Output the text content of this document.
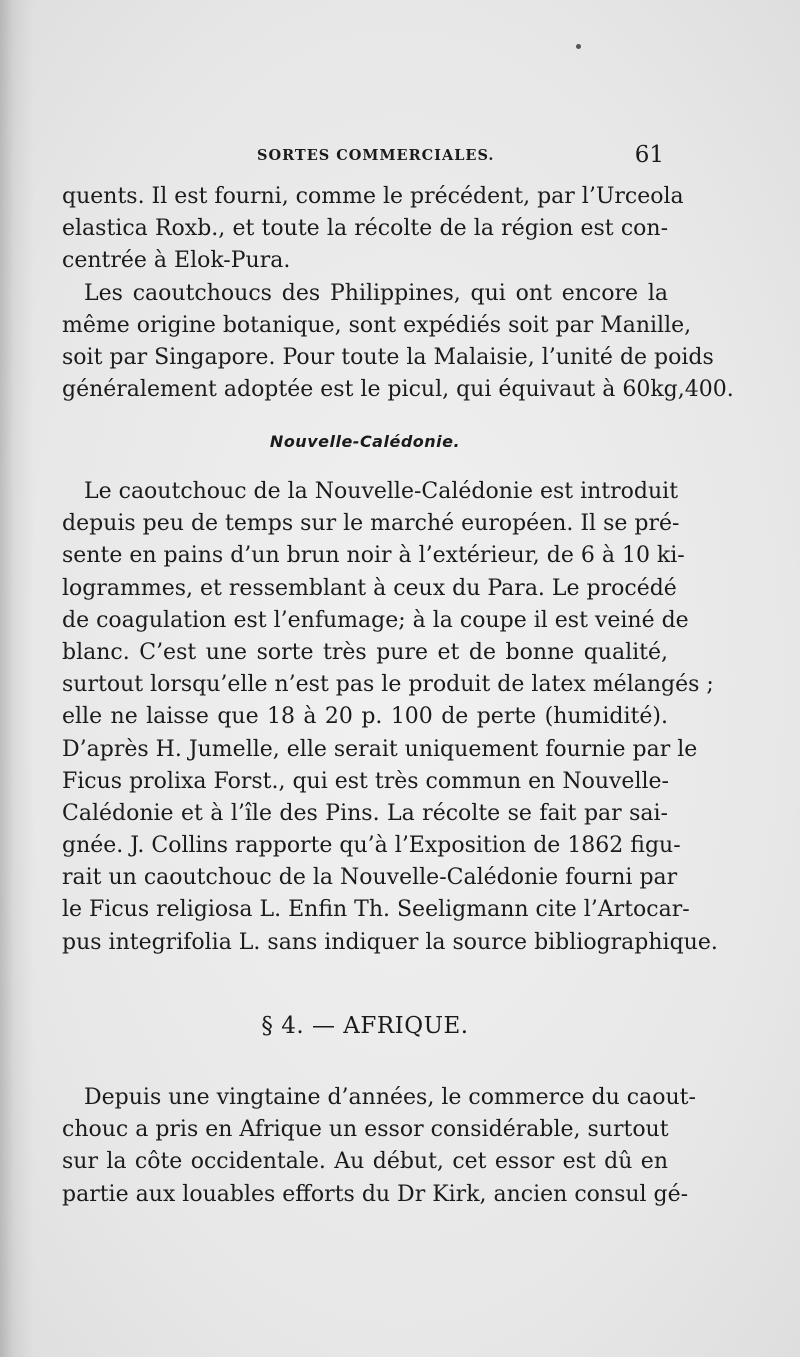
SORTES COMMERCIALES.	61
quents. Il est fourni, comme le précédent, par l’Urceola
elastica Roxb., et toute la récolte de la région est con-
centrée à Elok-Pura.
Les caoutchoucs des Philippines, qui ont encore la
même origine botanique, sont expédiés soit par Manille,
soit par Singapore. Pour toute la Malaisie, l’unité de poids
généralement adoptée est le picul, qui équivaut à 60kg,400.
Nouvelle-Calédonie.
Le caoutchouc de la Nouvelle-Calédonie est introduit
depuis peu de temps sur le marché européen. Il se pré-
sente en pains d’un brun noir à l’extérieur, de 6 à 10 ki-
logrammes, et ressemblant à ceux du Para. Le procédé
de coagulation est l’enfumage; à la coupe il est veiné de
blanc. C’est une sorte très pure et de bonne qualité,
surtout lorsqu’elle n’est pas le produit de latex mélangés ;
elle ne laisse que 18 à 20 p. 100 de perte (humidité).
D’après H. Jumelle, elle serait uniquement fournie par le
Ficus prolixa Forst., qui est très commun en Nouvelle-
Calédonie et à l’île des Pins. La récolte se fait par sai-
gnée. J. Collins rapporte qu’à l’Exposition de 1862 figu-
rait un caoutchouc de la Nouvelle-Calédonie fourni par
le Ficus religiosa L. Enfin Th. Seeligmann cite l’Artocar-
pus integrifolia L. sans indiquer la source bibliographique.
§ 4. — AFRIQUE.
Depuis une vingtaine d’années, le commerce du caout-
chouc a pris en Afrique un essor considérable, surtout
sur la côte occidentale. Au début, cet essor est dû en
partie aux louables efforts du Dr Kirk, ancien consul gé-
